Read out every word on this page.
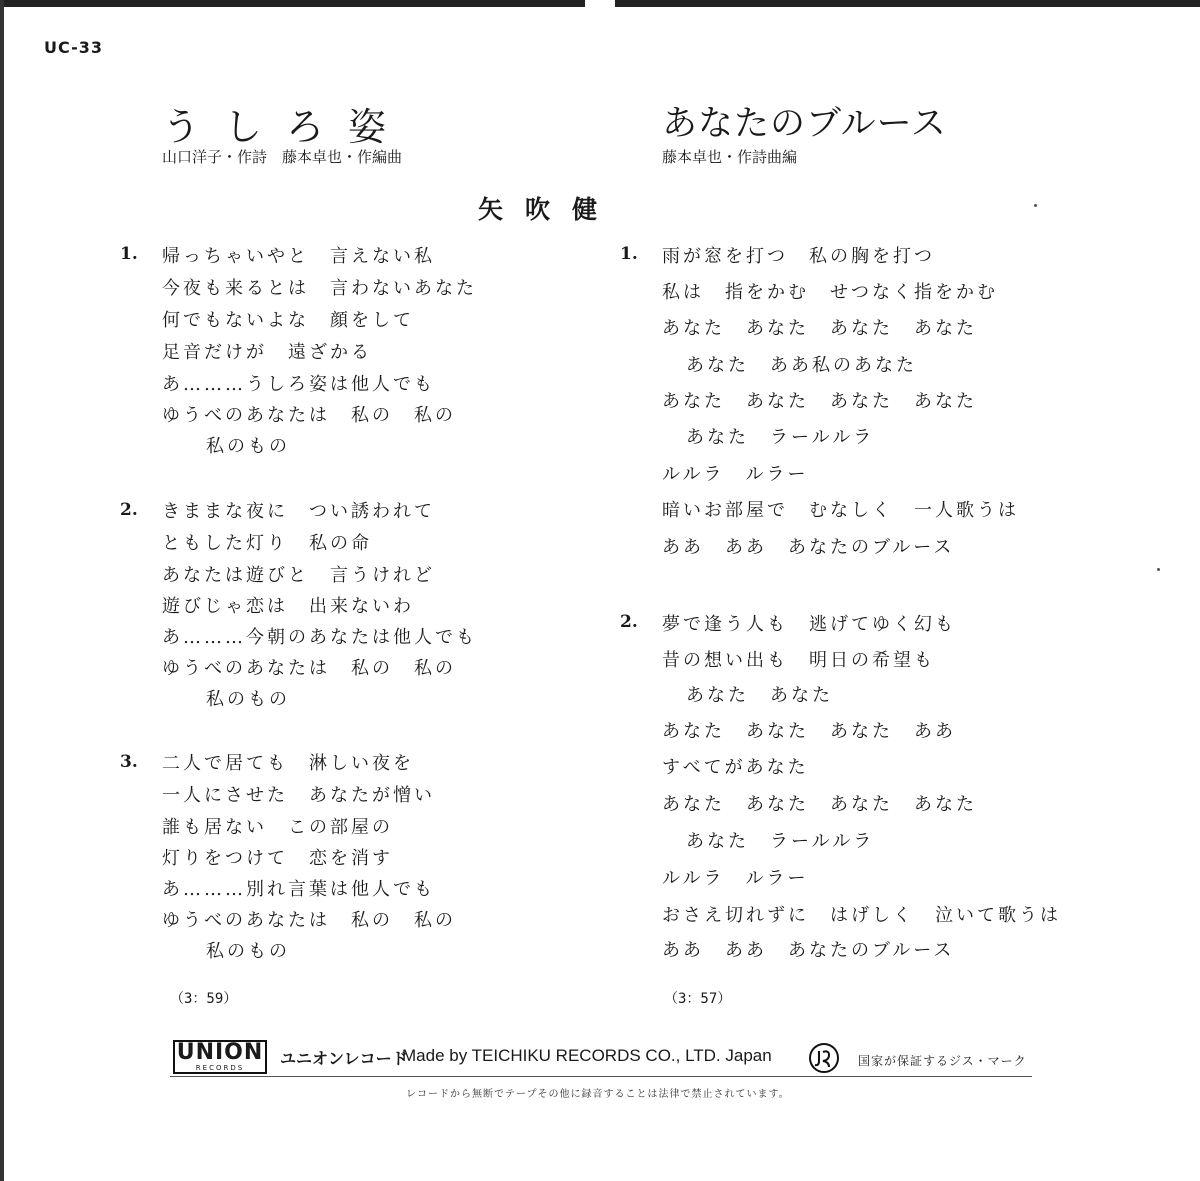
UC-33
うしろ姿
山口洋子・作詩　藤本卓也・作編曲
あなたのブルース
藤本卓也・作詩曲編
矢吹健
1. 帰っちゃいやと　言えない私
今夜も来るとは　言わないあなた
何でもないよな　顔をして
足音だけが　遠ざかる
あ………うしろ姿は他人でも
ゆうべのあなたは　私の　私の
私のもの
2. きままな夜に　つい誘われて
ともした灯り　私の命
あなたは遊びと　言うけれど
遊びじゃ恋は　出来ないわ
あ………今朝のあなたは他人でも
ゆうべのあなたは　私の　私の
私のもの
3. 二人で居ても　淋しい夜を
一人にさせた　あなたが憎い
誰も居ない　この部屋の
灯りをつけて　恋を消す
あ………別れ言葉は他人でも
ゆうべのあなたは　私の　私の
私のもの
（3：59）
1. 雨が窓を打つ　私の胸を打つ
私は　指をかむ　せつなく指をかむ
あなた　あなた　あなた　あなた
あなた　ああ私のあなた
あなた　あなた　あなた　あなた
あなた　ラールルラ
ルルラ　ルラー
暗いお部屋で　むなしく　一人歌うは
ああ　ああ　あなたのブルース
2. 夢で逢う人も　逃げてゆく幻も
昔の想い出も　明日の希望も
あなた　あなた
あなた　あなた　あなた　ああ
すべてがあなた
あなた　あなた　あなた　あなた
あなた　ラールルラ
ルルラ　ルラー
おさえ切れずに　はげしく　泣いて歌うは
ああ　ああ　あなたのブルース
（3：57）
UNION
RECORDS	ユニオンレコード
Made by TEICHIKU RECORDS CO., LTD. Japan	国家が保証するジス・マーク
レコードから無断でテープその他に録音することは法律で禁止されています。
